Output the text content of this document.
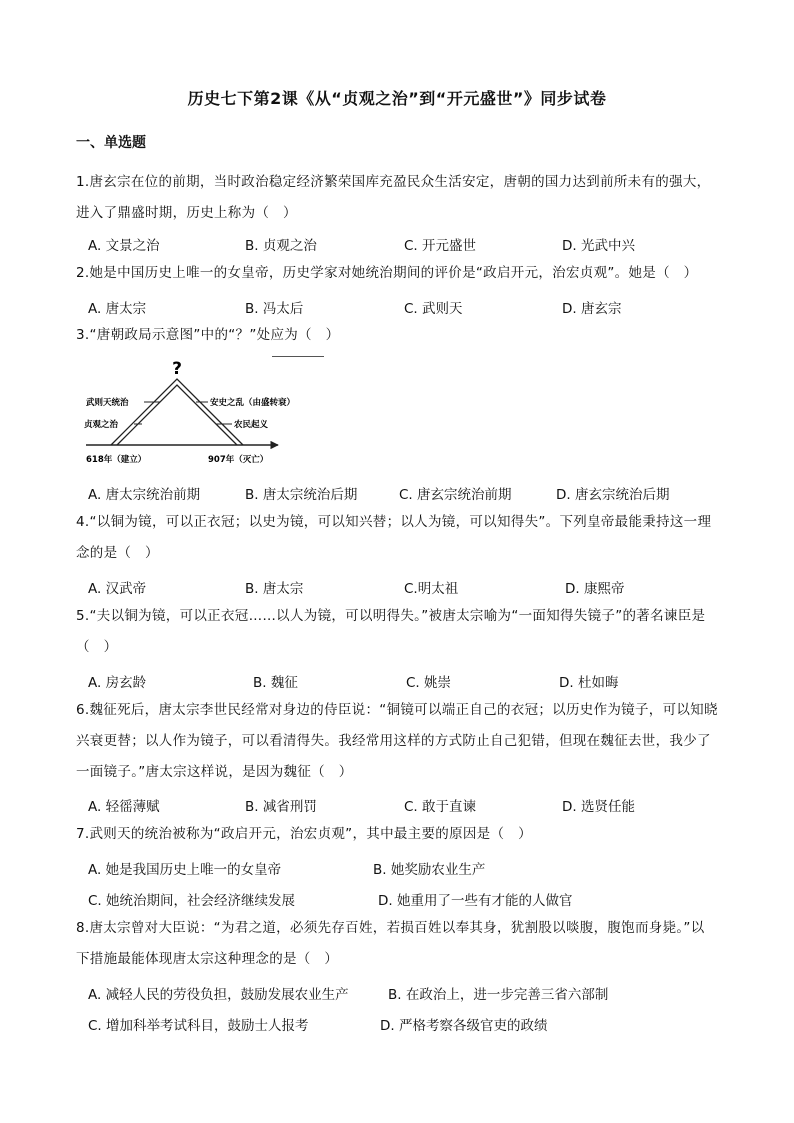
历史七下第2课《从“贞观之治”到“开元盛世”》同步试卷
一、单选题
1.唐玄宗在位的前期，当时政治稳定经济繁荣国库充盈民众生活安定，唐朝的国力达到前所未有的强大，
进入了鼎盛时期，历史上称为（　）
A. 文景之治	B. 贞观之治	C. 开元盛世	D. 光武中兴
2.她是中国历史上唯一的女皇帝，历史学家对她统治期间的评价是“政启开元，治宏贞观”。她是（　）
A. 唐太宗	B. 冯太后	C. 武则天	D. 唐玄宗
3.“唐朝政局示意图”中的“？”处应为（　）
?
武则天统治
贞观之治
安史之乱（由盛转衰）
农民起义
618年（建立）	907年（灭亡）
A. 唐太宗统治前期	B. 唐太宗统治后期	C. 唐玄宗统治前期	D. 唐玄宗统治后期
4.“以铜为镜，可以正衣冠；以史为镜，可以知兴替；以人为镜，可以知得失”。下列皇帝最能秉持这一理
念的是（　）
A. 汉武帝	B. 唐太宗	C.明太祖	D. 康熙帝
5.“夫以铜为镜，可以正衣冠……以人为镜，可以明得失。”被唐太宗喻为“一面知得失镜子”的著名谏臣是
（　）
A. 房玄龄	B. 魏征	C. 姚崇	D. 杜如晦
6.魏征死后，唐太宗李世民经常对身边的侍臣说：“铜镜可以端正自己的衣冠；以历史作为镜子，可以知晓
兴衰更替；以人作为镜子，可以看清得失。我经常用这样的方式防止自己犯错，但现在魏征去世，我少了
一面镜子。”唐太宗这样说，是因为魏征（　）
A. 轻徭薄赋	B. 减省刑罚	C. 敢于直谏	D. 选贤任能
7.武则天的统治被称为“政启开元，治宏贞观”，其中最主要的原因是（　）
A. 她是我国历史上唯一的女皇帝	B. 她奖励农业生产
C. 她统治期间，社会经济继续发展	D. 她重用了一些有才能的人做官
8.唐太宗曾对大臣说：“为君之道，必须先存百姓，若损百姓以奉其身，犹割股以啖腹，腹饱而身毙。”以
下措施最能体现唐太宗这种理念的是（　）
A. 减轻人民的劳役负担，鼓励发展农业生产	B. 在政治上，进一步完善三省六部制
C. 增加科举考试科目，鼓励士人报考	D. 严格考察各级官吏的政绩
